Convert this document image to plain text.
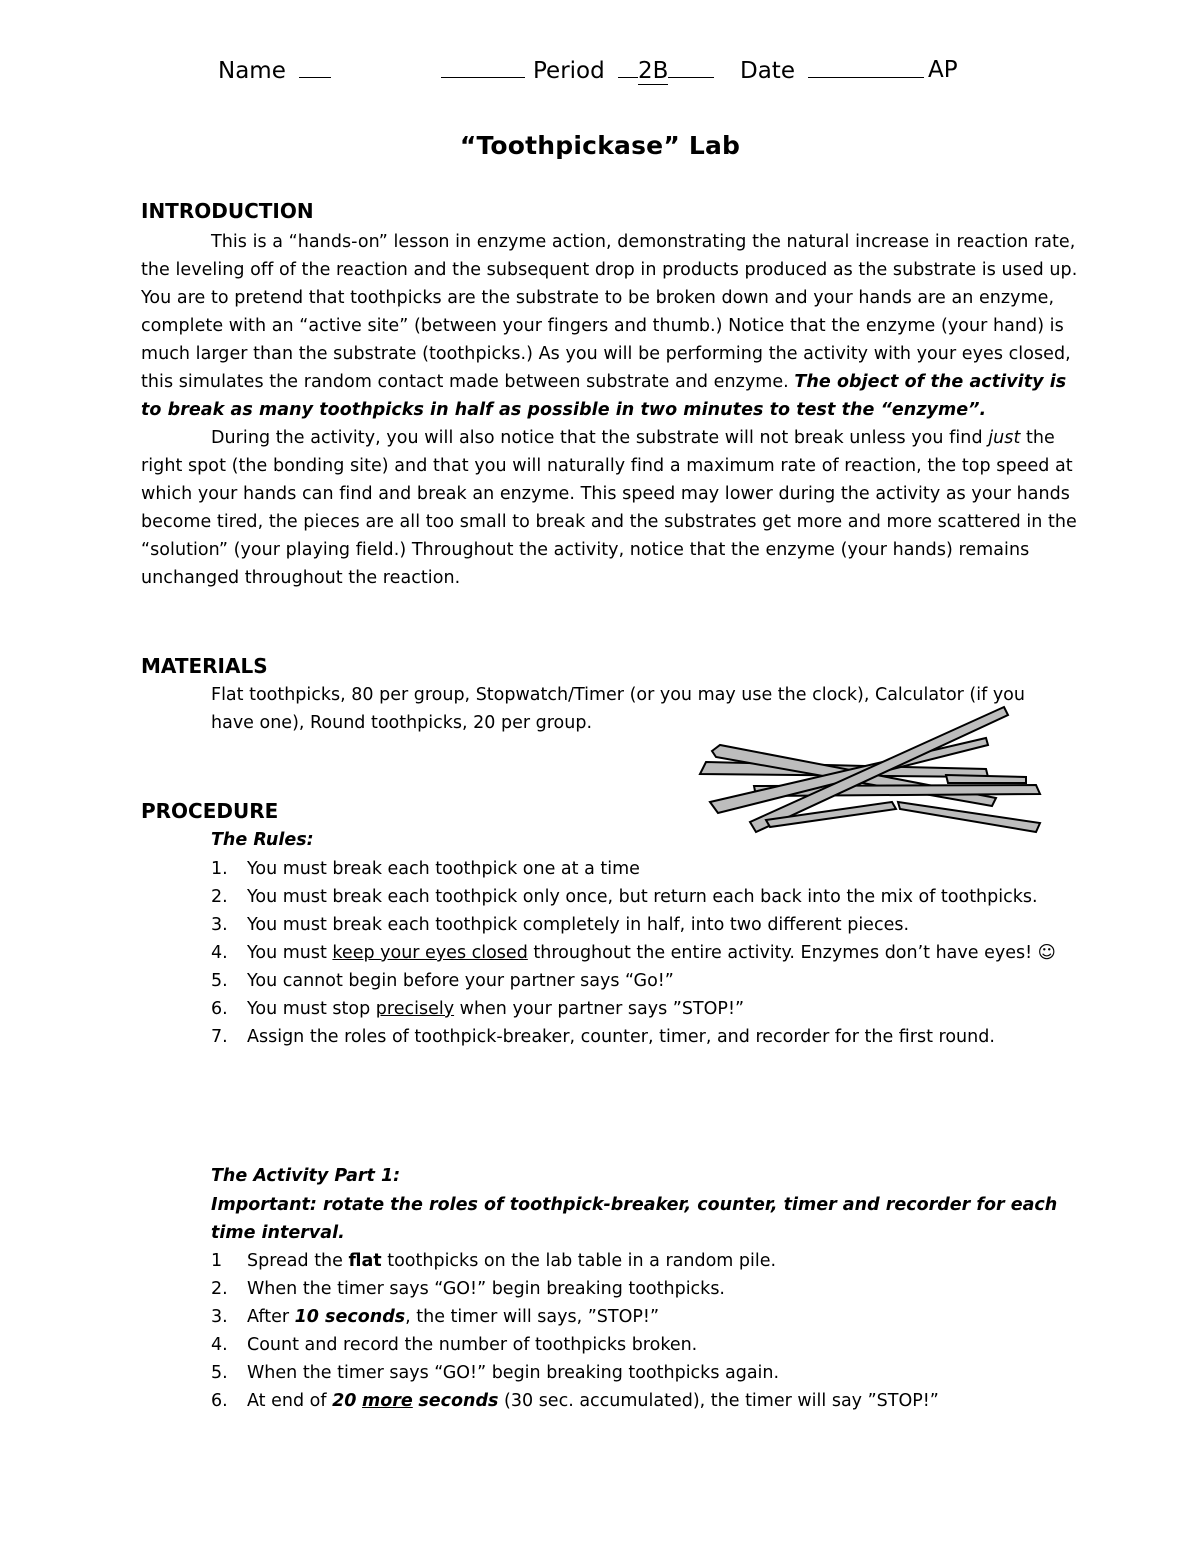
Name	Period 2B	Date	AP
“Toothpickase” Lab
INTRODUCTION

This is a “hands-on” lesson in enzyme action, demonstrating the natural increase in reaction rate, the leveling off of the reaction and the subsequent drop in products produced as the substrate is used up. You are to pretend that toothpicks are the substrate to be broken down and your hands are an enzyme, complete with an “active site” (between your fingers and thumb.) Notice that the enzyme (your hand) is much larger than the substrate (toothpicks.) As you will be performing the activity with your eyes closed, this simulates the random contact made between substrate and enzyme. The object of the activity is to break as many toothpicks in half as possible in two minutes to test the “enzyme”.

During the activity, you will also notice that the substrate will not break unless you find just the right spot (the bonding site) and that you will naturally find a maximum rate of reaction, the top speed at which your hands can find and break an enzyme. This speed may lower during the activity as your hands become tired, the pieces are all too small to break and the substrates get more and more scattered in the “solution” (your playing field.) Throughout the activity, notice that the enzyme (your hands) remains unchanged throughout the reaction.

MATERIALS
Flat toothpicks, 80 per group, Stopwatch/Timer (or you may use the clock), Calculator (if you have one), Round toothpicks, 20 per group.
PROCEDURE
The Rules:
1. You must break each toothpick one at a time
2. You must break each toothpick only once, but return each back into the mix of toothpicks.
3. You must break each toothpick completely in half, into two different pieces.
4. You must keep your eyes closed throughout the entire activity. Enzymes don’t have eyes! ☺
5. You cannot begin before your partner says “Go!”
6. You must stop precisely when your partner says ”STOP!”
7. Assign the roles of toothpick-breaker, counter, timer, and recorder for the first round.
The Activity Part 1:
Important: rotate the roles of toothpick-breaker, counter, timer and recorder for each time interval.
1 Spread the flat toothpicks on the lab table in a random pile.
2. When the timer says “GO!” begin breaking toothpicks.
3. After 10 seconds, the timer will says, ”STOP!”
4. Count and record the number of toothpicks broken.
5. When the timer says “GO!” begin breaking toothpicks again.
6. At end of 20 more seconds (30 sec. accumulated), the timer will say ”STOP!”
